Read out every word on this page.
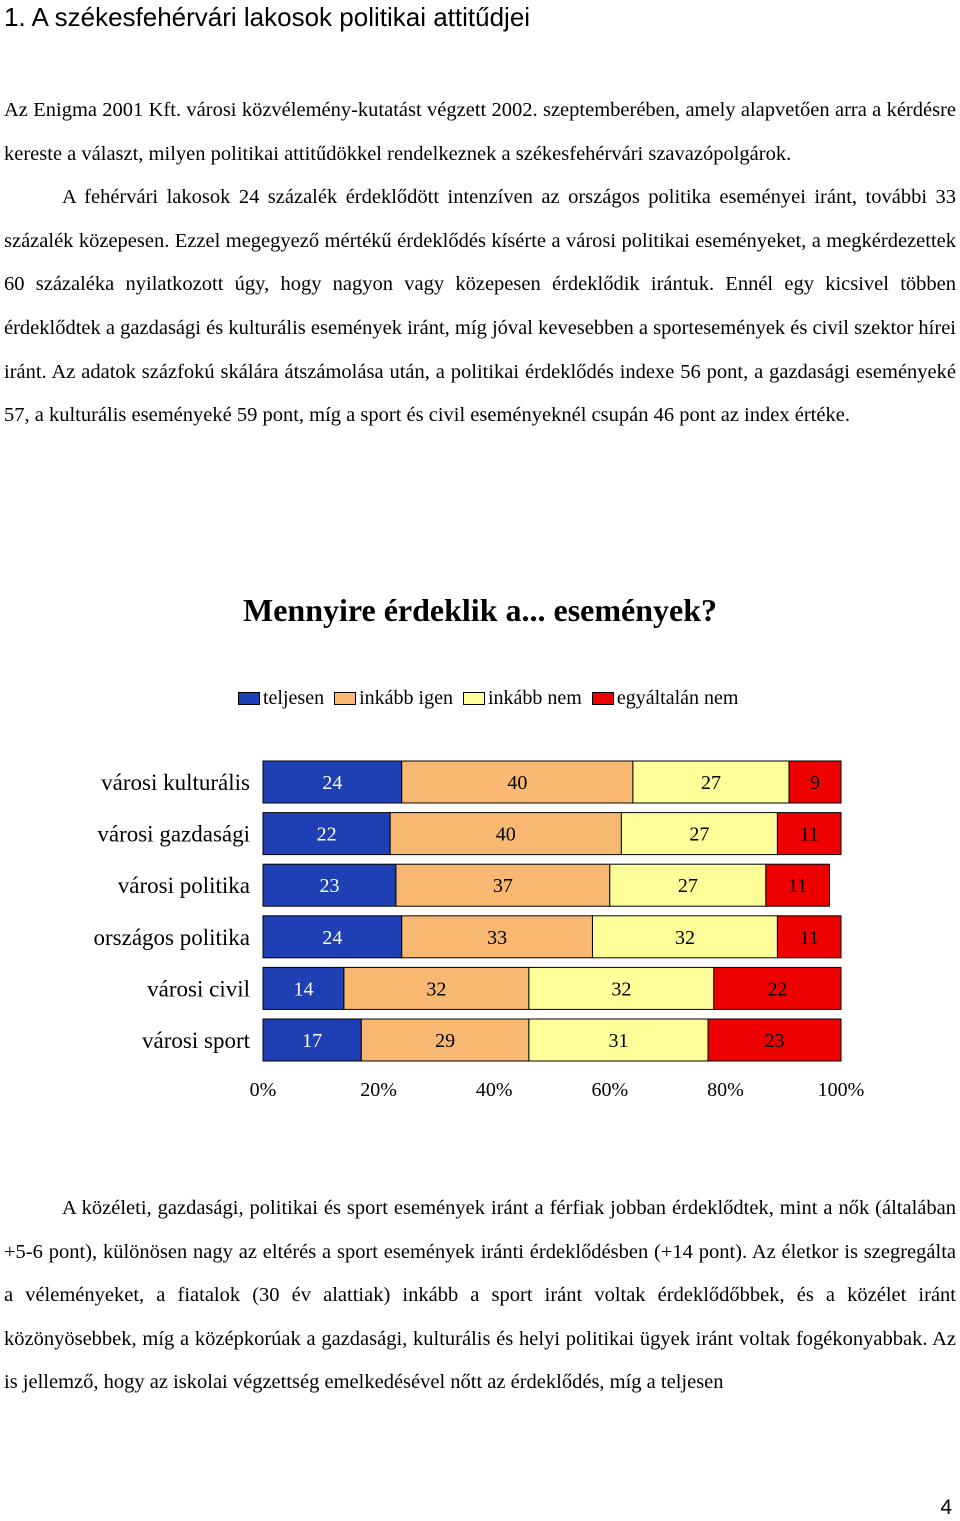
1. A székesfehérvári lakosok politikai attitűdjei

Az Enigma 2001 Kft. városi közvélemény-kutatást végzett 2002. szeptemberében, amely alapvetően arra a kérdésre kereste a választ, milyen politikai attitűdökkel rendelkeznek a székesfehérvári szavazópolgárok.

A fehérvári lakosok 24 százalék érdeklődött intenzíven az országos politika eseményei iránt, további 33 százalék közepesen. Ezzel megegyező mértékű érdeklődés kísérte a városi politikai eseményeket, a megkérdezettek 60 százaléka nyilatkozott úgy, hogy nagyon vagy közepesen érdeklődik irántuk. Ennél egy kicsivel többen érdeklődtek a gazdasági és kulturális események iránt, míg jóval kevesebben a sportesemények és civil szektor hírei iránt. Az adatok százfokú skálára átszámolása után, a politikai érdeklődés indexe 56 pont, a gazdasági eseményeké 57, a kulturális eseményeké 59 pont, míg a sport és civil eseményeknél csupán 46 pont az index értéke.

Mennyire érdeklik a... események?
teljesen inkább igen inkább nem egyáltalán nem
városi kulturális	24	40	27	9
városi gazdasági	22	40	27	11
városi politika	23	37	27	11
országos politika	24	33	32	11
városi civil 14	32	32	22
városi sport	17	29	31	23
0%	20%	40%	60%	80%	100%

A közéleti, gazdasági, politikai és sport események iránt a férfiak jobban érdeklődtek, mint a nők (általában +5-6 pont), különösen nagy az eltérés a sport események iránti érdeklődésben (+14 pont). Az életkor is szegregálta a véleményeket, a fiatalok (30 év alattiak) inkább a sport iránt voltak érdeklődőbbek, és a közélet iránt közönyösebbek, míg a középkorúak a gazdasági, kulturális és helyi politikai ügyek iránt voltak fogékonyabbak. Az is jellemző, hogy az iskolai végzettség emelkedésével nőtt az érdeklődés, míg a teljesen

4
